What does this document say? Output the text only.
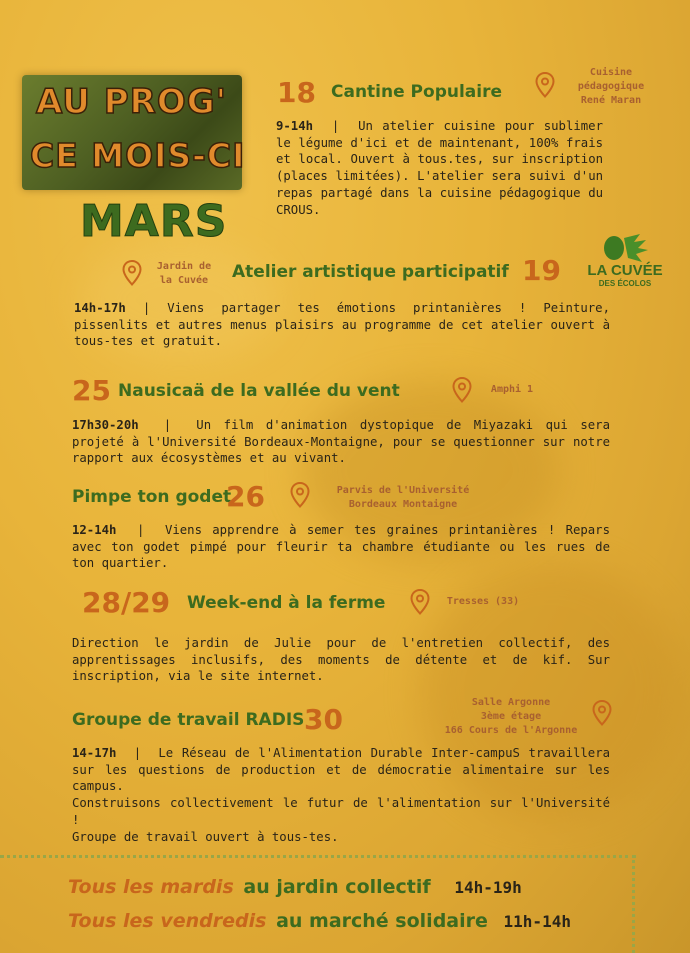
AU PROG'
CE MOIS-CI
MARS
18 Cantine Populaire
Cuisine
pédagogique
René Maran
9-14h  |  Un atelier cuisine pour sublimer le légume d'ici et de maintenant, 100% frais et local. Ouvert à tous.tes, sur inscription (places limitées). L'atelier sera suivi d'un repas partagé dans la cuisine pédagogique du CROUS.
Jardin de
la Cuvée	Atelier artistique participatif 19	LA CUVÉE
DES ÉCOLOS
14h-17h | Viens partager tes émotions printanières ! Peinture, pissenlits et autres menus plaisirs au programme de cet atelier ouvert à tous-tes et gratuit.
25 Nausicaä de la vallée du vent	Amphi 1
17h30-20h  |  Un film d'animation dystopique de Miyazaki qui sera projeté à l'Université Bordeaux-Montaigne, pour se questionner sur notre rapport aux écosystèmes et au vivant.
Pimpe ton godet
26	Parvis de l'Université
Bordeaux Montaigne
12-14h  |  Viens apprendre à semer tes graines printanières ! Repars avec ton godet pimpé pour fleurir ta chambre étudiante ou les rues de ton quartier.
28/29 Week-end à la ferme	Tresses (33)
Direction le jardin de Julie pour de l'entretien collectif, des apprentissages inclusifs, des moments de détente et de kif. Sur inscription, via le site internet.
Groupe de travail RADIS 30
Salle Argonne
3ème étage
166 Cours de l'Argonne
14-17h  |  Le Réseau de l'Alimentation Durable Inter-campuS travaillera sur les questions de production et de démocratie alimentaire sur les campus.
Construisons collectivement le futur de l'alimentation sur l'Université !
Groupe de travail ouvert à tous-tes.
Tous les mardis au jardin collectif 14h-19h
Tous les vendredis au marché solidaire 11h-14h
